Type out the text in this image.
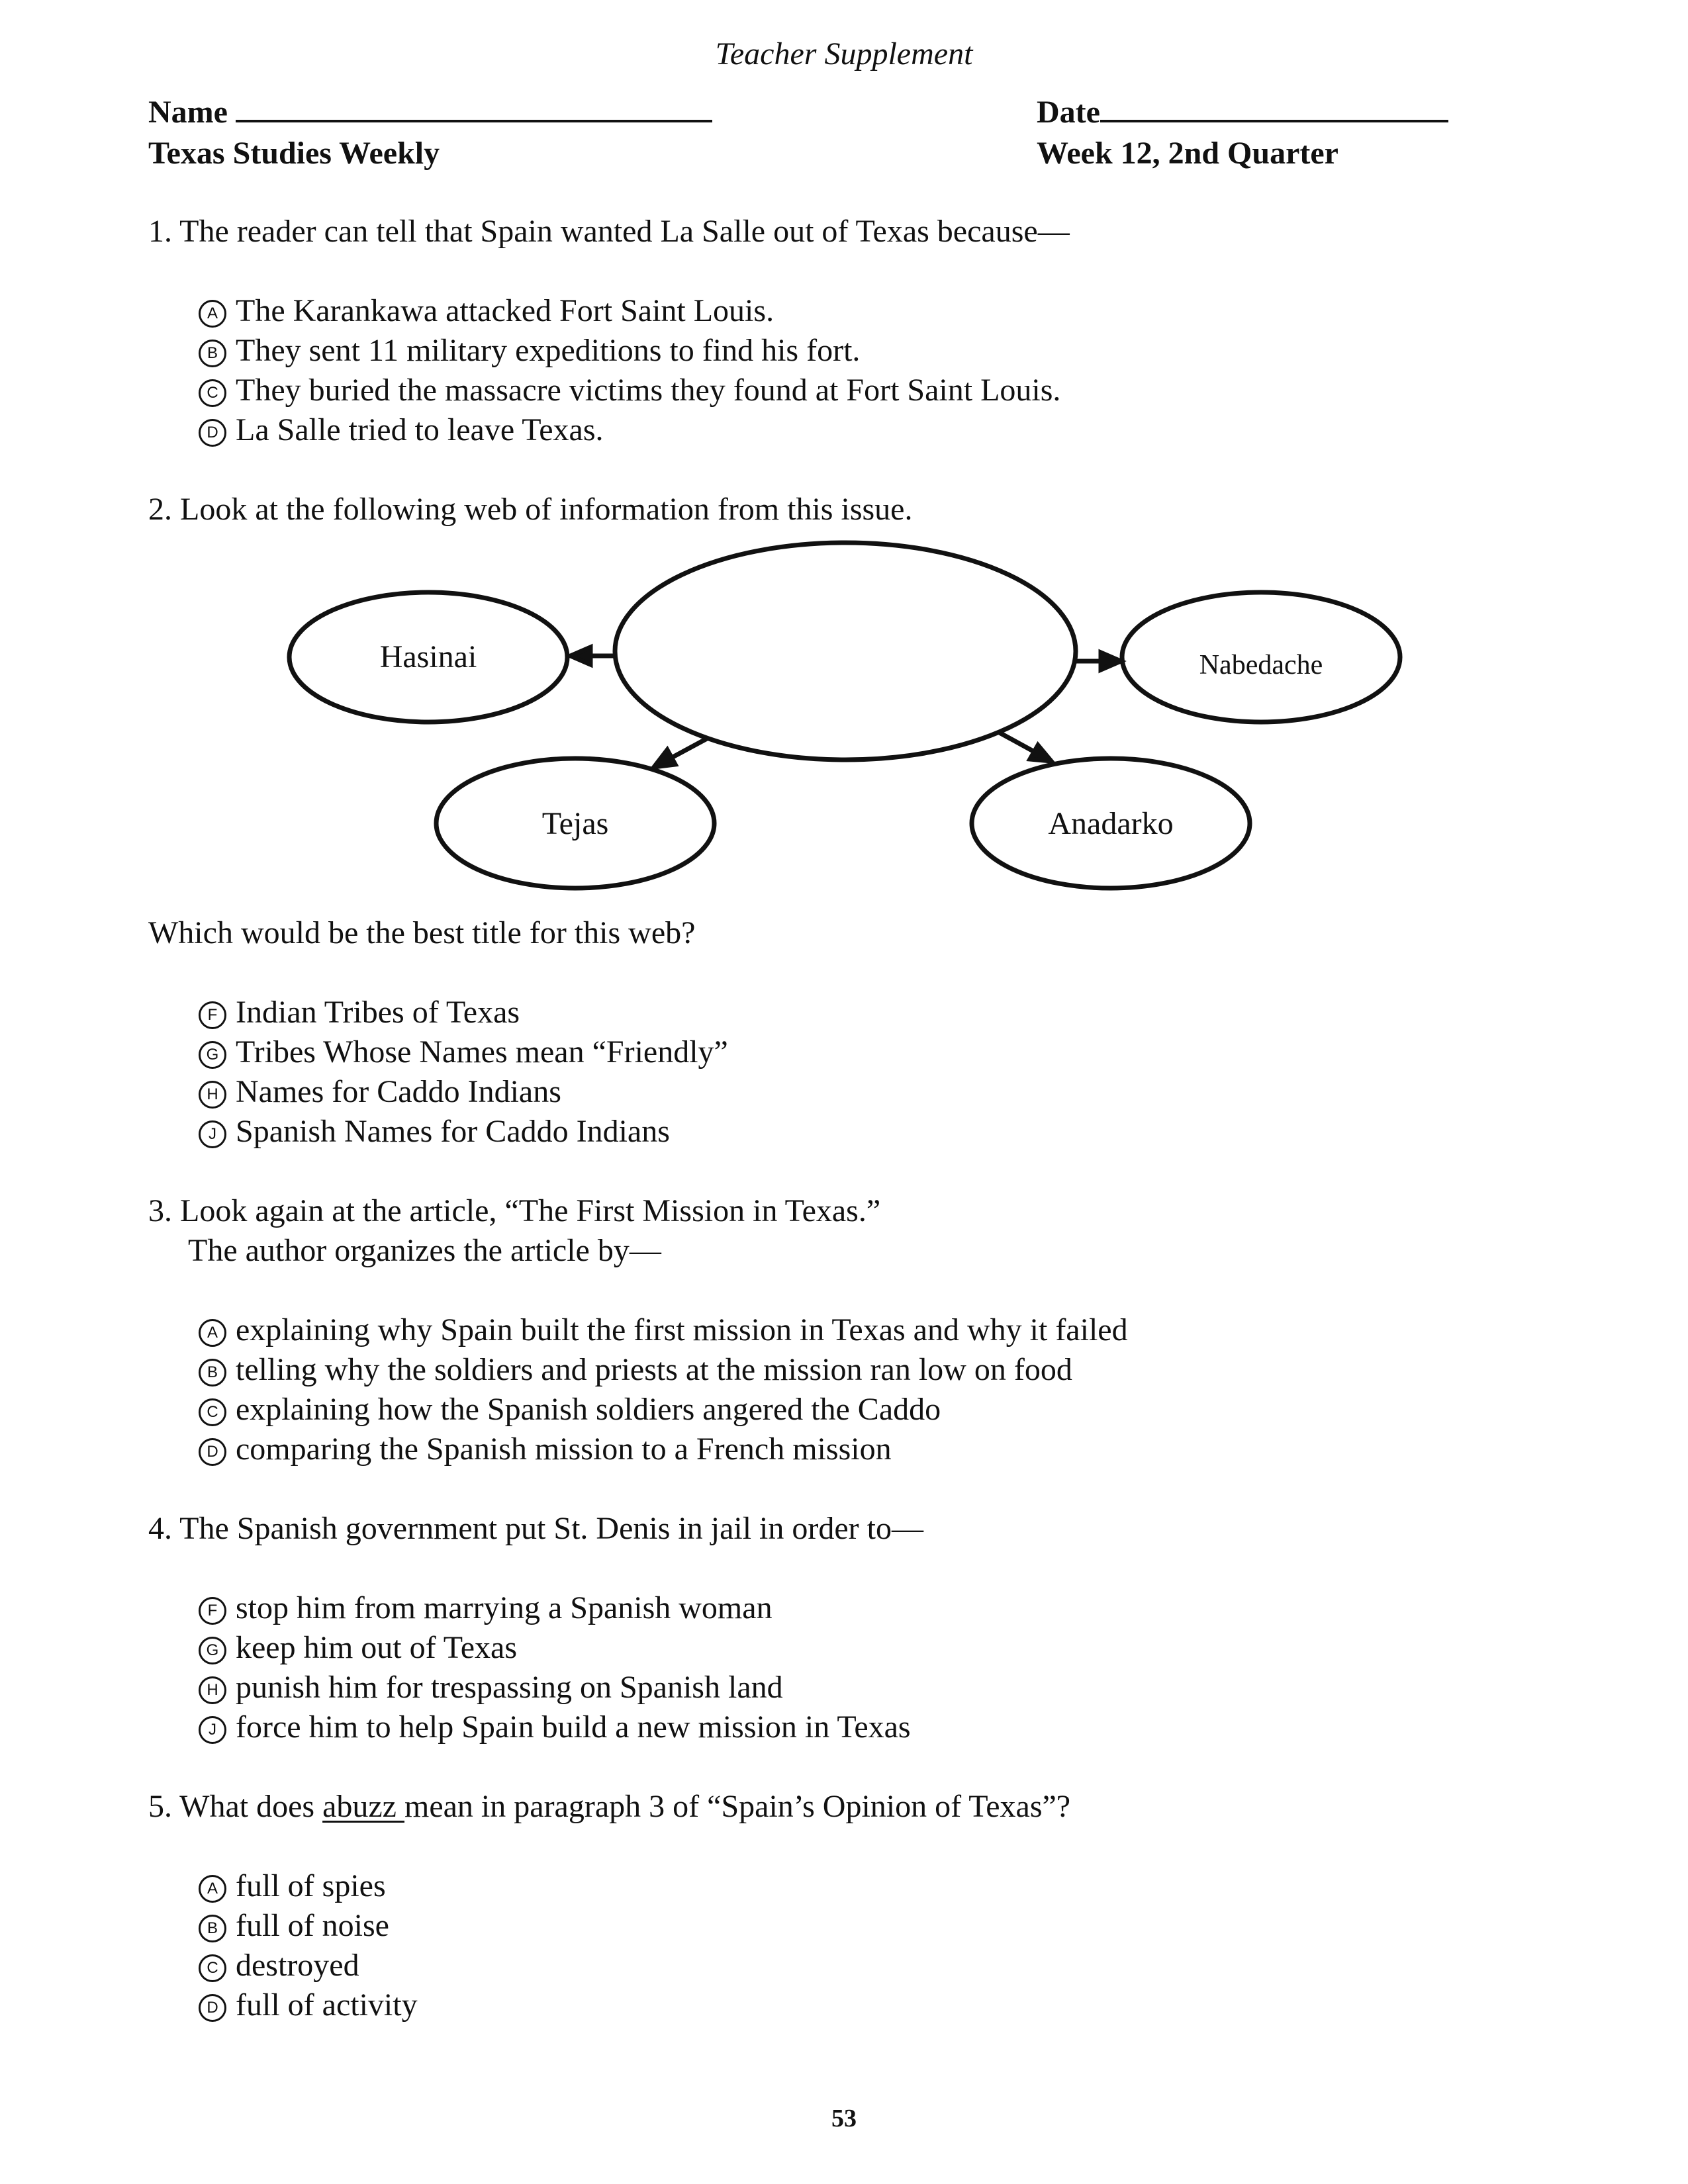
Teacher Supplement
Name	Date
Texas Studies Weekly	Week 12, 2nd Quarter
1. The reader can tell that Spain wanted La Salle out of Texas because—
A The Karankawa attacked Fort Saint Louis.
B They sent 11 military expeditions to find his fort.
C They buried the massacre victims they found at Fort Saint Louis.
D La Salle tried to leave Texas.
2. Look at the following web of information from this issue.
Hasinai	Nabedache
Tejas	Anadarko
Which would be the best title for this web?
F Indian Tribes of Texas
G Tribes Whose Names mean “Friendly”
H Names for Caddo Indians
J Spanish Names for Caddo Indians
3. Look again at the article, “The First Mission in Texas.”
The author organizes the article by—
A explaining why Spain built the first mission in Texas and why it failed
B telling why the soldiers and priests at the mission ran low on food
C explaining how the Spanish soldiers angered the Caddo
D comparing the Spanish mission to a French mission
4. The Spanish government put St. Denis in jail in order to—
F stop him from marrying a Spanish woman
G keep him out of Texas
H punish him for trespassing on Spanish land
J force him to help Spain build a new mission in Texas
5. What does abuzz mean in paragraph 3 of “Spain’s Opinion of Texas”?
A full of spies
B full of noise
C destroyed
D full of activity
53
